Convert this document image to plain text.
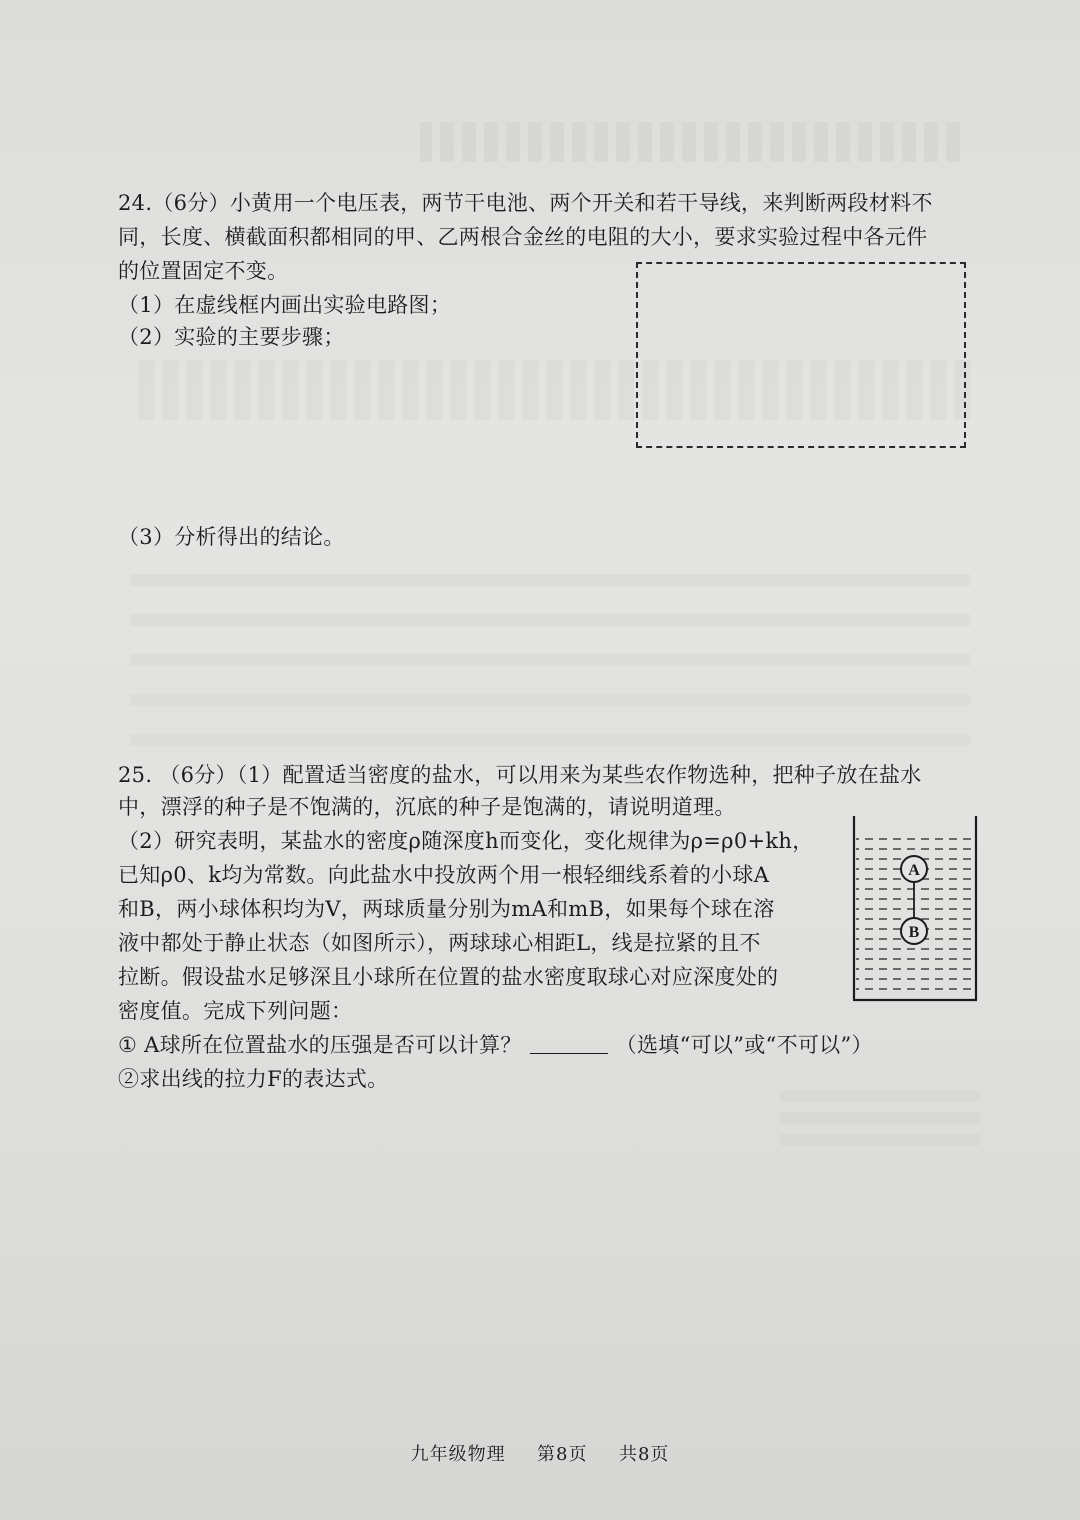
24.（6分）小黄用一个电压表，两节干电池、两个开关和若干导线，来判断两段材料不
同，长度、横截面积都相同的甲、乙两根合金丝的电阻的大小，要求实验过程中各元件
的位置固定不变。
（1）在虚线框内画出实验电路图；
（2）实验的主要步骤；
（3）分析得出的结论。
25. （6分）（1）配置适当密度的盐水，可以用来为某些农作物选种，把种子放在盐水
中，漂浮的种子是不饱满的，沉底的种子是饱满的，请说明道理。
（2）研究表明，某盐水的密度ρ随深度h而变化，变化规律为ρ=ρ0+kh，
已知ρ0、k均为常数。向此盐水中投放两个用一根轻细线系着的小球A
和B，两小球体积均为V，两球质量分别为mA和mB，如果每个球在溶
液中都处于静止状态（如图所示），两球球心相距L，线是拉紧的且不
拉断。假设盐水足够深且小球所在位置的盐水密度取球心对应深度处的
密度值。完成下列问题：
① A球所在位置盐水的压强是否可以计算？	（选填“可以”或“不可以”）
②求出线的拉力F的表达式。
A
B
九年级物理 第8页 共8页
